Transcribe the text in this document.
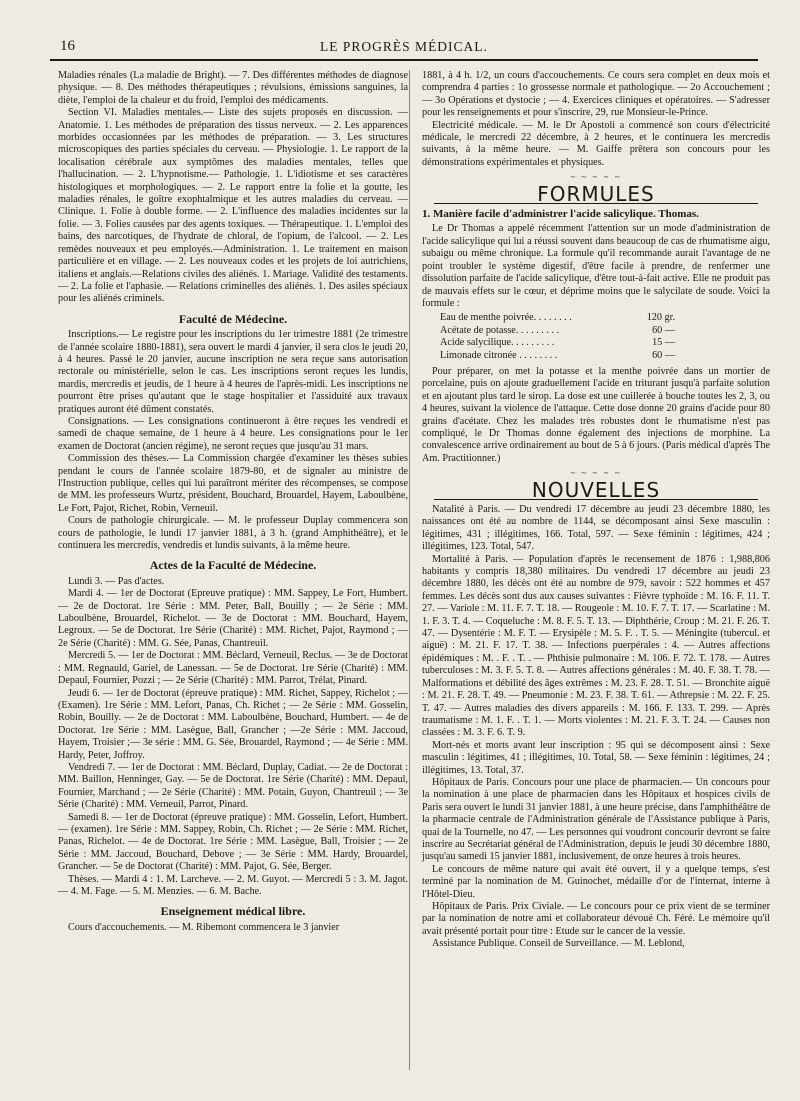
16	LE PROGRÈS MÉDICAL.

Maladies rénales (La maladie de Bright). — 7. Des différentes méthodes de diagnose physique. — 8. Des méthodes thérapeutiques ; révulsions, émissions sanguines, la diète, l'emploi de la chaleur et du froid, l'emploi des médicaments.

Section VI. Maladies mentales.— Liste des sujets proposés en discussion. — Anatomie. 1. Les méthodes de préparation des tissus nerveux. — 2. Les apparences morbides occasionnées par les méthodes de préparation. — 3. Les structures microscopiques des parties spéciales du cerveau. — Physiologie. 1. Le rapport de la localisation cérébrale aux symptômes des maladies mentales, telles que l'hallucination. — 2. L'hypnotisme.— Pathologie. 1. L'idiotisme et ses caractères histologiques et morphologiques. — 2. Le rapport entre la folie et la goutte, les maladies rénales, le goître exophtalmique et les autres maladies du cerveau. — Clinique. 1. Folie à double forme. — 2. L'influence des maladies incidentes sur la folie. — 3. Folies causées par des agents toxiques. — Thérapeutique. 1. L'emploi des bains, des narcotiques, de l'hydrate de chloral, de l'opium, de l'alcool. — 2. Les remèdes nouveaux et peu employés.—Administration. 1. Le traitement en maison particulière et en village. — 2. Les nouveaux codes et les projets de loi autrichiens, italiens et anglais.—Relations civiles des aliénés. 1. Mariage. Validité des testaments.— 2. La folie et l'aphasie. — Relations criminelles des aliénés. 1. Des asiles spéciaux pour les aliénés criminels.

Faculté de Médecine.

Inscriptions.— Le registre pour les inscriptions du 1er trimestre 1881 (2e trimestre de l'année scolaire 1880-1881), sera ouvert le mardi 4 janvier, il sera clos le jeudi 20, à 4 heures. Passé le 20 janvier, aucune inscription ne sera reçue sans autorisation rectorale ou ministérielle, selon le cas. Les inscriptions seront reçues les lundis, mardis, mercredis et jeudis, de 1 heure à 4 heures de l'après-midi. Les inscriptions ne pourront être prises qu'autant que le stage hospitalier et l'assiduité aux travaux pratiques auront été dûment constatés.

Consignations. — Les consignations continueront à être reçues les vendredi et samedi de chaque semaine, de 1 heure à 4 heure. Les consignations pour le 1er examen de Doctorat (ancien régime), ne seront reçues que jusqu'au 31 mars.

Commission des thèses.— La Commission chargée d'examiner les thèses subies pendant le cours de l'année scolaire 1879-80, et de signaler au ministre de l'Instruction publique, celles qui lui paraîtront mériter des récompenses, se compose de MM. les professeurs Wurtz, président, Bouchard, Brouardel, Hayem, Laboulbène, Le Fort, Pajot, Richet, Robin, Verneuil.

Cours de pathologie chirurgicale. — M. le professeur Duplay commencera son cours de pathologie, le lundi 17 janvier 1881, à 3 h. (grand Amphithéâtre), et le continuera les mercredis, vendredis et lundis suivants, à la même heure.

Actes de la Faculté de Médecine.

Lundi 3. — Pas d'actes.

Mardi 4. — 1er de Doctorat (Epreuve pratique) : MM. Sappey, Le Fort, Humbert. — 2e de Doctorat. 1re Série : MM. Peter, Ball, Bouilly ; — 2e Série : MM. Laboulbène, Brouardel, Richelot. — 3e de Doctorat : MM. Bouchard, Hayem, Legroux. — 5e de Doctorat. 1re Série (Charité) : MM. Richet, Pajot, Raymond ; — 2e Série (Charité) : MM. G. Sée, Panas, Chantreuil.

Mercredi 5. — 1er de Doctorat : MM. Béclard, Verneuil, Reclus. — 3e de Doctorat : MM. Regnauld, Gariel, de Lanessan. — 5e de Doctorat. 1re Série (Charité) : MM. Depaul, Fournier, Pozzi ; — 2e Série (Charité) : MM. Parrot, Trélat, Pinard.

Jeudi 6. — 1er de Doctorat (épreuve pratique) : MM. Richet, Sappey, Richelot ; — (Examen). 1re Série : MM. Lefort, Panas, Ch. Richet ; — 2e Série : MM. Gosselin, Robin, Bouilly. — 2e de Doctorat : MM. Laboulbène, Bouchard, Humbert. — 4e de Doctorat. 1re Série : MM. Lasègue, Ball, Grancher ; —2e Série : MM. Jaccoud, Hayem, Troisier ;— 3e série : MM. G. Sée, Brouardel, Raymond ; — 4e Série : MM. Hardy, Peter, Joffroy.

Vendredi 7. — 1er de Doctorat : MM. Béclard, Duplay, Cadiat. — 2e de Doctorat : MM. Baillon, Henninger, Gay. — 5e de Doctorat. 1re Série (Charité) : MM. Depaul, Fournier, Marchand ; — 2e Série (Charité) : MM. Potain, Guyon, Chantreuil ; — 3e Série (Charité) : MM. Verneuil, Parrot, Pinard.

Samedi 8. — 1er de Doctorat (épreuve pratique) : MM. Gosselin, Lefort, Humbert. — (examen). 1re Série : MM. Sappey, Robin, Ch. Richet ; — 2e Série : MM. Richet, Panas, Richelot. — 4e de Doctorat. 1re Série : MM. Lasègue, Ball, Troisier ; — 2e Série : MM. Jaccoud, Bouchard, Debove ; — 3e Série : MM. Hardy, Brouardel, Grancher. — 5e de Doctorat (Charité) : MM. Pajot, G. Sée, Berger.

Thèses. — Mardi 4 : 1. M. Larcheve. — 2. M. Guyot. — Mercredi 5 : 3. M. Jagot. — 4. M. Fage. — 5. M. Menzies. — 6. M. Bache.

Enseignement médical libre.

Cours d'accouchements. — M. Ribemont commencera le 3 janvier

1881, à 4 h. 1/2, un cours d'accouchements. Ce cours sera complet en deux mois et comprendra 4 parties : 1o grossesse normale et pathologique. — 2o Accouchement ; — 3o Opérations et dystocie ; — 4. Exercices cliniques et opératoires. — S'adresser pour les renseignements et pour s'inscrire, 29, rue Monsieur-le-Prince.

Electricité médicale. — M. le Dr Apostoli a commencé son cours d'électricité médicale, le mercredi 22 décembre, à 2 heures, et le continuera les mercredis suivants, à la même heure. — M. Gaiffe prêtera son concours pour les démonstrations expérimentales et physiques.

~ ~ ~ ~ ~
FORMULES
1. Manière facile d'administrer l'acide salicylique. Thomas.

Le Dr Thomas a appelé récemment l'attention sur un mode d'administration de l'acide salicylique qui lui a réussi souvent dans beaucoup de cas de rhumatisme aigu, subaigu ou même chronique. La formule qu'il recommande aurait l'avantage de ne point troubler le système digestif, d'être facile à prendre, de renfermer une dissolution parfaite de l'acide salicylique, d'être tout-à-fait active. Elle ne produit pas de mauvais effets sur le cœur, et déprime moins que le salycilate de soude. Voici la formule :

Eau de menthe poivrée. . . . . . . .	120 gr.
Acétate de potasse. . . . . . . . .	60 —
Acide salycilique. . . . . . . . .	15 —
Limonade citronée . . . . . . . .	60 —

Pour préparer, on met la potasse et la menthe poivrée dans un mortier de porcelaine, puis on ajoute graduellement l'acide en triturant jusqu'à parfaite solution et en ajoutant plus tard le sirop. La dose est une cuillerée à bouche toutes les 2, 3, ou 4 heures, suivant la violence de l'attaque. Cette dose donne 20 grains d'acide pour 80 grains d'acétate. Chez les malades très robustes dont le rhumatisme n'est pas compliqué, le Dr Thomas donne également des injections de morphine. La convalescence arrive ordinairement au bout de 5 à 6 jours. (Paris médical d'après The Am. Practitionner.)

~ ~ ~ ~ ~
NOUVELLES

Natalité à Paris. — Du vendredi 17 décembre au jeudi 23 décembre 1880, les naissances ont été au nombre de 1144, se décomposant ainsi Sexe masculin : légitimes, 431 ; illégitimes, 166. Total, 597. — Sexe féminin : légitimes, 424 ; illégitimes, 123. Total, 547.

Mortalité à Paris. — Population d'après le recensement de 1876 : 1,988,806 habitants y compris 18,380 militaires. Du vendredi 17 décembre au jeudi 23 décembre 1880, les décès ont été au nombre de 979, savoir : 522 hommes et 457 femmes. Les décès sont dus aux causes suivantes : Fièvre typhoïde : M. 16. F. 11. T. 27. — Variole : M. 11. F. 7. T. 18. — Rougeole : M. 10. F. 7. T. 17. — Scarlatine : M. 1. F. 3. T. 4. — Coqueluche : M. 8. F. 5. T. 13. — Diphthérie, Croup : M. 21. F. 26. T. 47. — Dysentérie : M. F. T. — Erysipèle : M. 5. F. . T. 5. — Méningite (tubercul. et aiguë) : M. 21. F. 17. T. 38. — Infections puerpérales : 4. — Autres affections épidémiques : M. . F. . T. . — Phthisie pulmonaire : M. 106. F. 72. T. 178. — Autres tuberculoses : M. 3. F. 5. T. 8. — Autres affections générales : M. 40. F. 38. T. 78. — Malformations et débilité des âges extrêmes : M. 23. F. 28. T. 51. — Bronchite aiguë : M. 21. F. 28. T. 49. — Pneumonie : M. 23. F. 38. T. 61. — Athrepsie : M. 22. F. 25. T. 47. — Autres maladies des divers appareils : M. 166. F. 133. T. 299. — Après traumatisme : M. 1. F. . T. 1. — Morts violentes : M. 21. F. 3. T. 24. — Causes non classées : M. 3. F. 6. T. 9.

Mort-nés et morts avant leur inscription : 95 qui se décomposent ainsi : Sexe masculin : légitimes, 41 ; illégitimes, 10. Total, 58. — Sexe féminin : légitimes, 24 ; illégitimes, 13. Total, 37.

Hôpitaux de Paris. Concours pour une place de pharmacien.— Un concours pour la nomination à une place de pharmacien dans les Hôpitaux et hospices civils de Paris sera ouvert le lundi 31 janvier 1881, à une heure précise, dans l'amphithéâtre de la pharmacie centrale de l'Administration générale de l'Assistance publique à Paris, quai de la Tournelle, no 47. — Les personnes qui voudront concourir devront se faire inscrire au Secrétariat général de l'Administration, depuis le jeudi 30 décembre 1880, jusqu'au samedi 15 janvier 1881, inclusivement, de onze heures à trois heures.

Le concours de même nature qui avait été ouvert, il y a quelque temps, s'est terminé par la nomination de M. Guinochet, médaille d'or de l'internat, interne à l'Hôtel-Dieu.

Hôpitaux de Paris. Prix Civiale. — Le concours pour ce prix vient de se terminer par la nomination de notre ami et collaborateur dévoué Ch. Féré. Le mémoire qu'il avait présenté portait pour titre : Etude sur le cancer de la vessie.

Assistance Publique. Conseil de Surveillance. — M. Leblond,
